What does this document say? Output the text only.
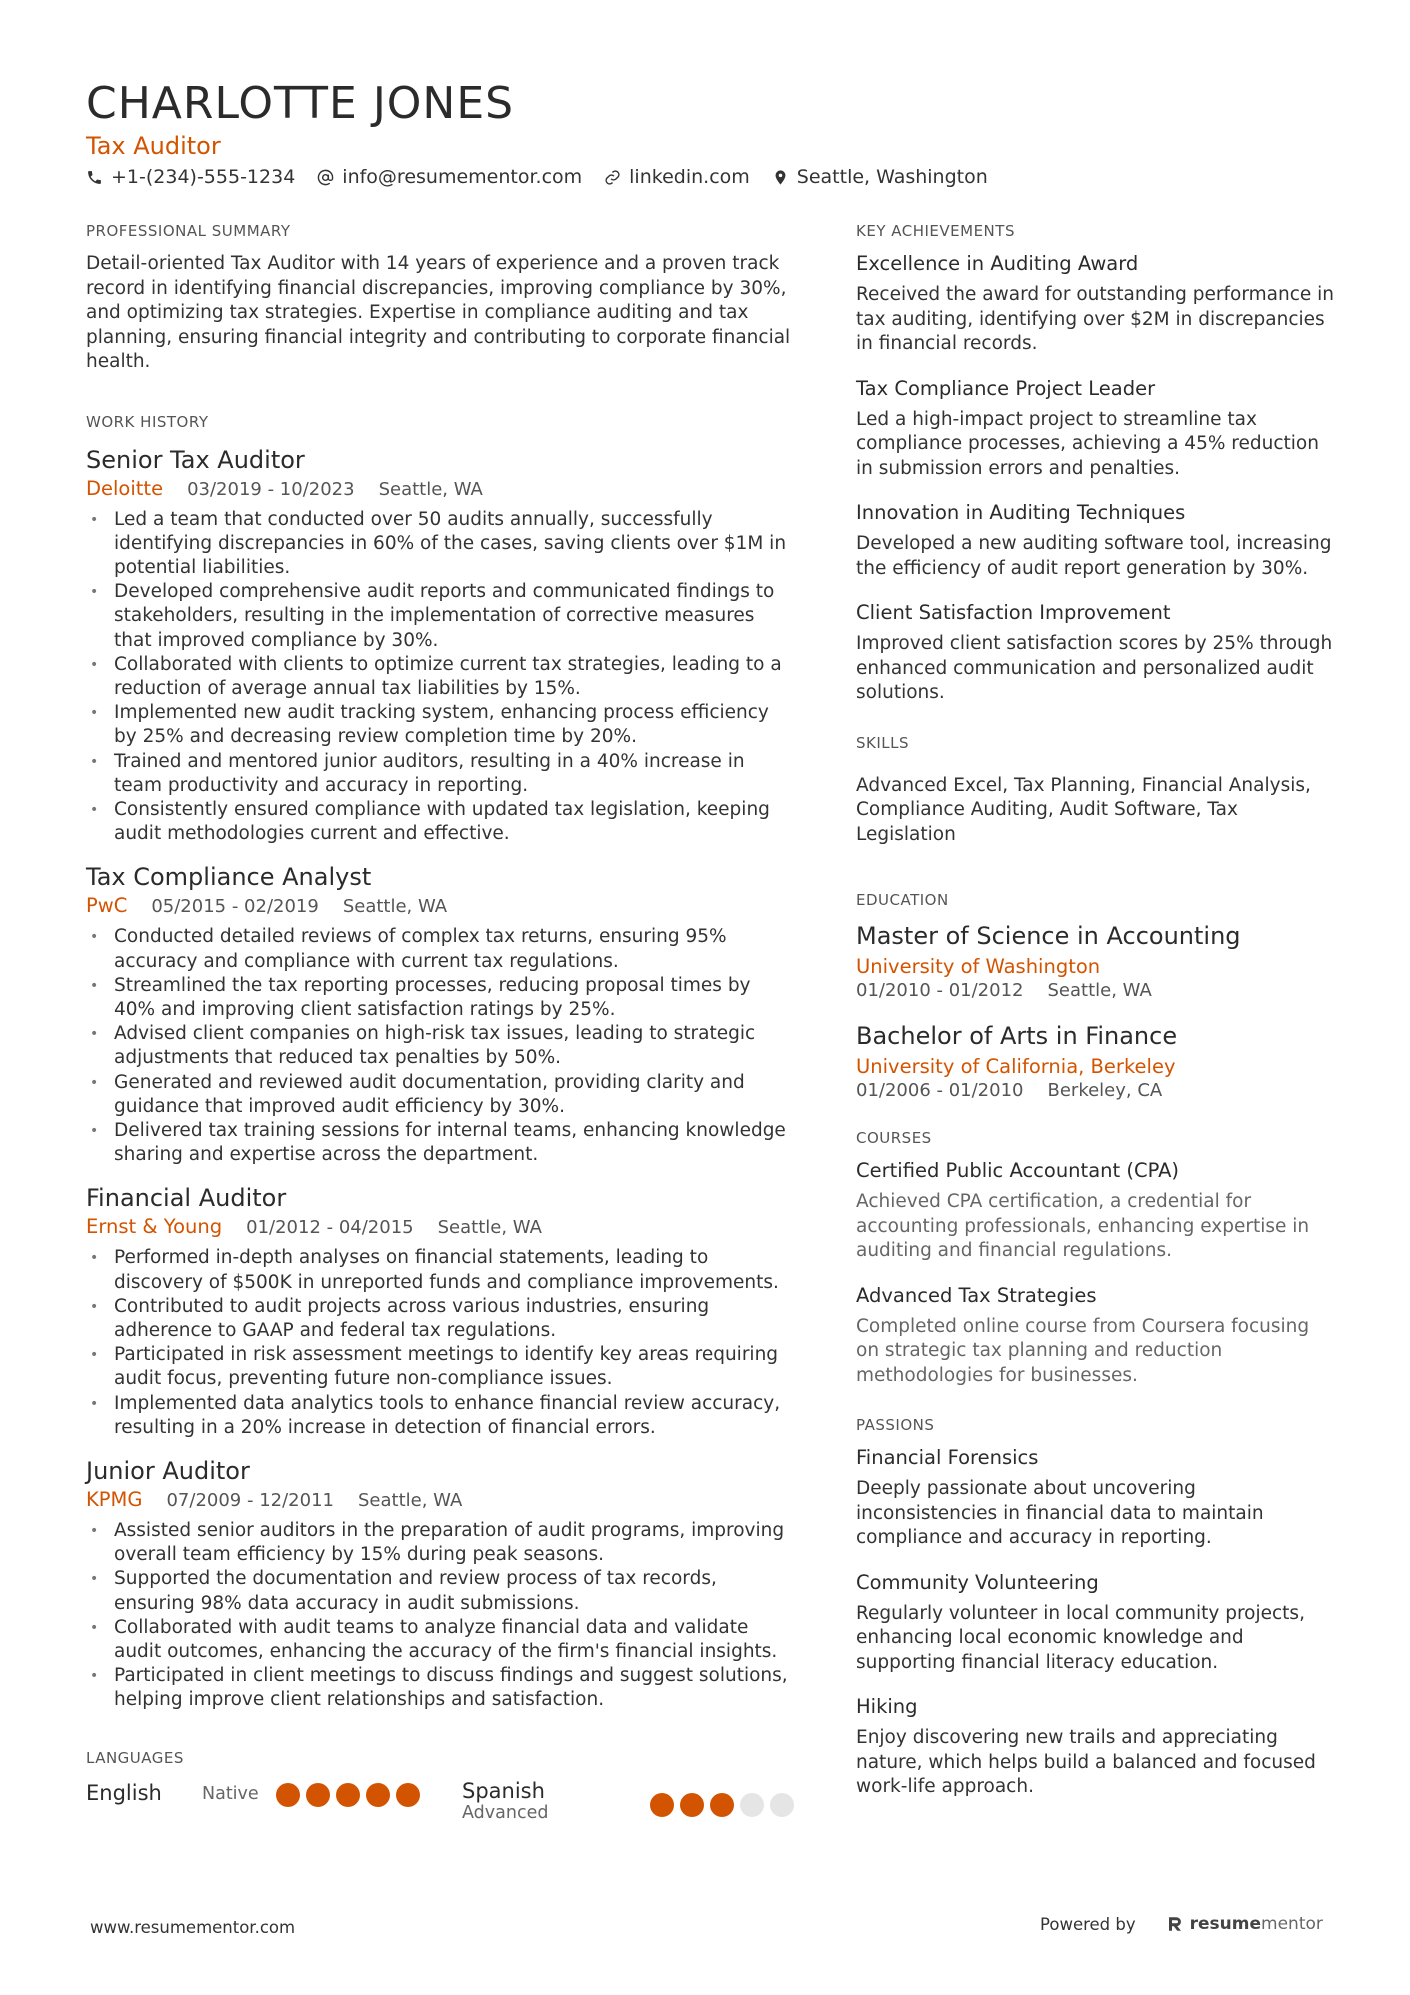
CHARLOTTE JONES
Tax Auditor
+1-(234)-555-1234 info@resumementor.com linkedin.com Seattle, Washington
PROFESSIONAL SUMMARY
Detail-oriented Tax Auditor with 14 years of experience and a proven track record in identifying financial discrepancies, improving compliance by 30%, and optimizing tax strategies. Expertise in compliance auditing and tax planning, ensuring financial integrity and contributing to corporate financial health.
WORK HISTORY
Senior Tax Auditor
Deloitte 03/2019 - 10/2023 Seattle, WA
• Led a team that conducted over 50 audits annually, successfully identifying discrepancies in 60% of the cases, saving clients over $1M in potential liabilities.
• Developed comprehensive audit reports and communicated findings to stakeholders, resulting in the implementation of corrective measures that improved compliance by 30%.
• Collaborated with clients to optimize current tax strategies, leading to a reduction of average annual tax liabilities by 15%.
• Implemented new audit tracking system, enhancing process efficiency by 25% and decreasing review completion time by 20%.
• Trained and mentored junior auditors, resulting in a 40% increase in team productivity and accuracy in reporting.
• Consistently ensured compliance with updated tax legislation, keeping audit methodologies current and effective.
Tax Compliance Analyst
PwC 05/2015 - 02/2019 Seattle, WA
• Conducted detailed reviews of complex tax returns, ensuring 95% accuracy and compliance with current tax regulations.
• Streamlined the tax reporting processes, reducing proposal times by 40% and improving client satisfaction ratings by 25%.
• Advised client companies on high-risk tax issues, leading to strategic adjustments that reduced tax penalties by 50%.
• Generated and reviewed audit documentation, providing clarity and guidance that improved audit efficiency by 30%.
• Delivered tax training sessions for internal teams, enhancing knowledge sharing and expertise across the department.
Financial Auditor
Ernst & Young 01/2012 - 04/2015 Seattle, WA
• Performed in-depth analyses on financial statements, leading to discovery of $500K in unreported funds and compliance improvements.
• Contributed to audit projects across various industries, ensuring adherence to GAAP and federal tax regulations.
• Participated in risk assessment meetings to identify key areas requiring audit focus, preventing future non-compliance issues.
• Implemented data analytics tools to enhance financial review accuracy, resulting in a 20% increase in detection of financial errors.
Junior Auditor
KPMG 07/2009 - 12/2011 Seattle, WA
• Assisted senior auditors in the preparation of audit programs, improving overall team efficiency by 15% during peak seasons.
• Supported the documentation and review process of tax records, ensuring 98% data accuracy in audit submissions.
• Collaborated with audit teams to analyze financial data and validate audit outcomes, enhancing the accuracy of the firm's financial insights.
• Participated in client meetings to discuss findings and suggest solutions, helping improve client relationships and satisfaction.
LANGUAGES
English	Native	Spanish
Advanced
KEY ACHIEVEMENTS
Excellence in Auditing Award
Received the award for outstanding performance in tax auditing, identifying over $2M in discrepancies in financial records.
Tax Compliance Project Leader
Led a high-impact project to streamline tax compliance processes, achieving a 45% reduction in submission errors and penalties.
Innovation in Auditing Techniques
Developed a new auditing software tool, increasing the efficiency of audit report generation by 30%.
Client Satisfaction Improvement
Improved client satisfaction scores by 25% through enhanced communication and personalized audit solutions.
SKILLS
Advanced Excel, Tax Planning, Financial Analysis, Compliance Auditing, Audit Software, Tax Legislation
EDUCATION
Master of Science in Accounting
University of Washington
01/2010 - 01/2012 Seattle, WA
Bachelor of Arts in Finance
University of California, Berkeley
01/2006 - 01/2010 Berkeley, CA
COURSES
Certified Public Accountant (CPA)
Achieved CPA certification, a credential for accounting professionals, enhancing expertise in auditing and financial regulations.
Advanced Tax Strategies
Completed online course from Coursera focusing on strategic tax planning and reduction methodologies for businesses.
PASSIONS
Financial Forensics
Deeply passionate about uncovering inconsistencies in financial data to maintain compliance and accuracy in reporting.
Community Volunteering
Regularly volunteer in local community projects, enhancing local economic knowledge and supporting financial literacy education.
Hiking
Enjoy discovering new trails and appreciating nature, which helps build a balanced and focused work-life approach.
www.resumementor.com	Powered by	resumementor
